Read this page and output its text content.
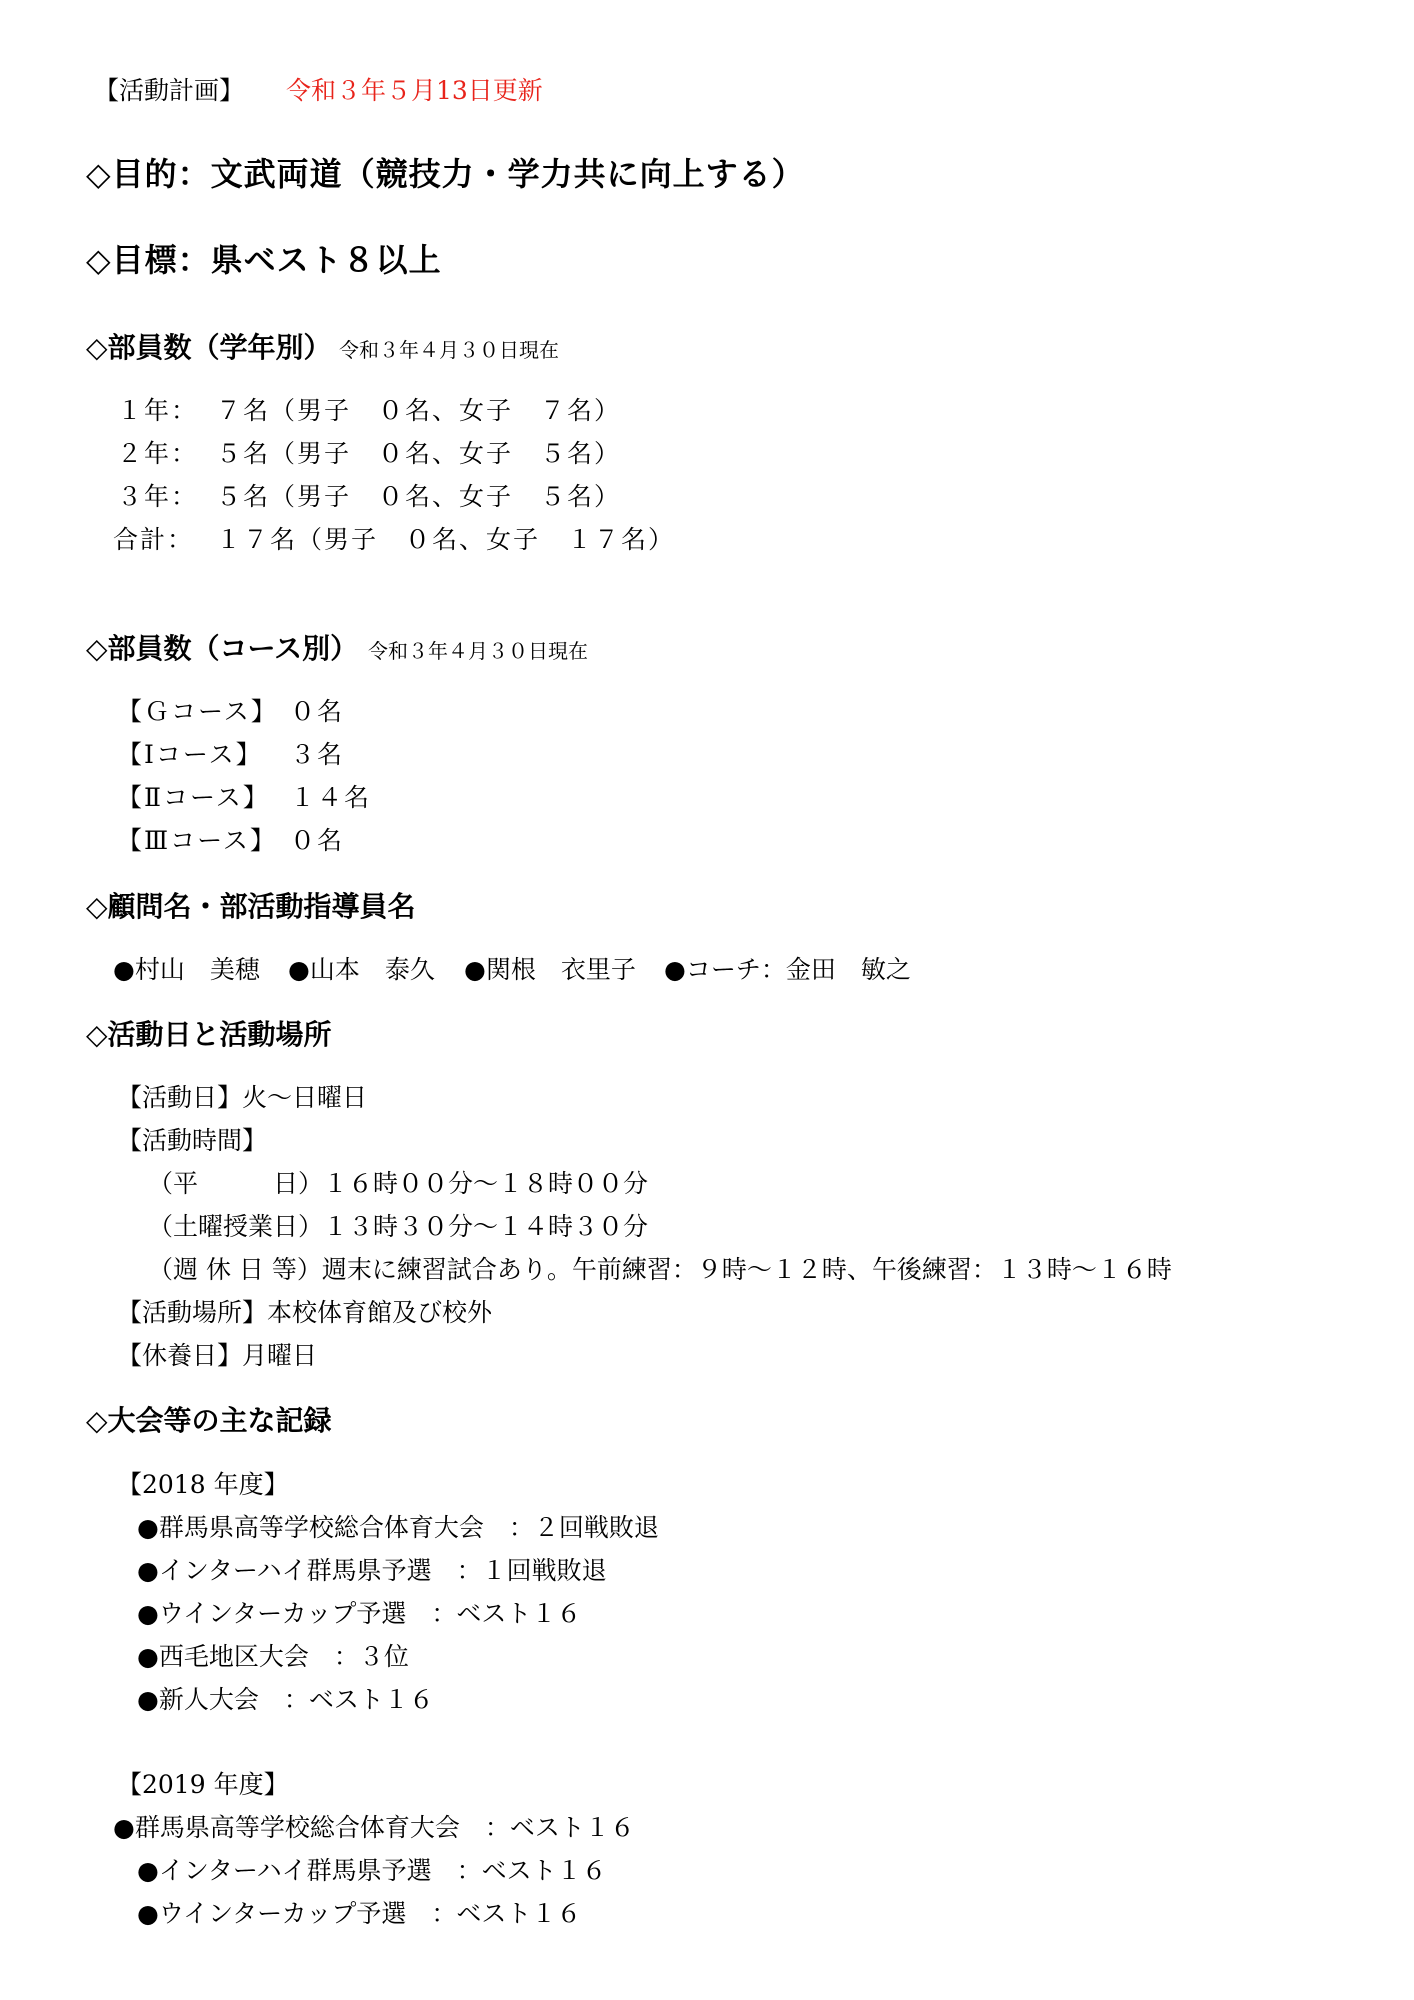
【活動計画】 令和３年５月13日更新
◇目的：文武両道（競技力・学力共に向上する）
◇目標：県ベスト８以上
◇部員数（学年別） 令和３年４月３０日現在
１年： ７名（男子　０名、女子　７名）
２年： ５名（男子　０名、女子　５名）
３年： ５名（男子　０名、女子　５名）
合計： １７名（男子　０名、女子　１７名）
◇部員数（コース別） 令和３年４月３０日現在
【Ｇコース】 ０名
【Ⅰコース】 ３名
【Ⅱコース】 １４名
【Ⅲコース】 ０名
◇顧問名・部活動指導員名
●村山　美穂 ●山本　泰久 ●関根　衣里子 ●コーチ：金田　敏之
◇活動日と活動場所
【活動日】火～日曜日
【活動時間】
（平　　　日）１６時００分～１８時００分
（土曜授業日）１３時３０分～１４時３０分
（週 休 日 等）週末に練習試合あり。午前練習：９時～１２時、午後練習：１３時～１６時
【活動場所】本校体育館及び校外
【休養日】月曜日
◇大会等の主な記録
【2018 年度】
●群馬県高等学校総合体育大会　：２回戦敗退
●インターハイ群馬県予選　：１回戦敗退
●ウインターカップ予選　：ベスト１６
●西毛地区大会　：３位
●新人大会　：ベスト１６
【2019 年度】
●群馬県高等学校総合体育大会　：ベスト１６
●インターハイ群馬県予選　：ベスト１６
●ウインターカップ予選　：ベスト１６
